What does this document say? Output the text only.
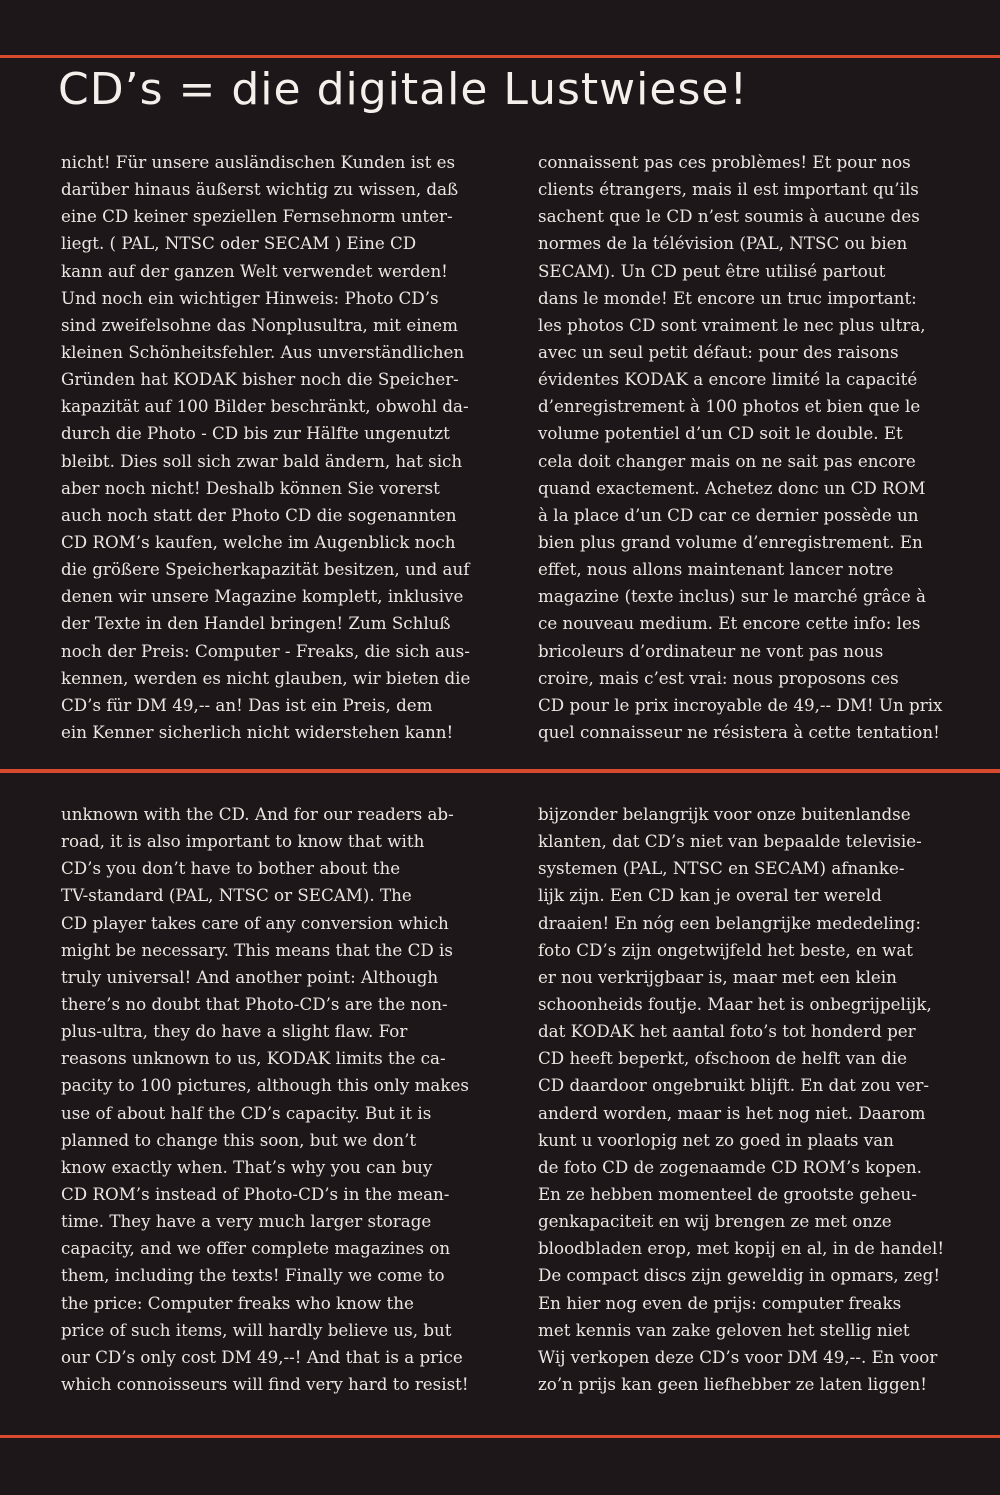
CD’s = die digitale Lustwiese!
nicht! Für unsere ausländischen Kunden ist es
darüber hinaus äußerst wichtig zu wissen, daß
eine CD keiner speziellen Fernsehnorm unter-
liegt. ( PAL, NTSC oder SECAM ) Eine CD
kann auf der ganzen Welt verwendet werden!
Und noch ein wichtiger Hinweis: Photo CD’s
sind zweifelsohne das Nonplusultra, mit einem
kleinen Schönheitsfehler. Aus unverständlichen
Gründen hat KODAK bisher noch die Speicher-
kapazität auf 100 Bilder beschränkt, obwohl da-
durch die Photo - CD bis zur Hälfte ungenutzt
bleibt. Dies soll sich zwar bald ändern, hat sich
aber noch nicht! Deshalb können Sie vorerst
auch noch statt der Photo CD die sogenannten
CD ROM’s kaufen, welche im Augenblick noch
die größere Speicherkapazität besitzen, und auf
denen wir unsere Magazine komplett, inklusive
der Texte in den Handel bringen! Zum Schluß
noch der Preis: Computer - Freaks, die sich aus-
kennen, werden es nicht glauben, wir bieten die
CD’s für DM 49,-- an! Das ist ein Preis, dem
ein Kenner sicherlich nicht widerstehen kann!
connaissent pas ces problèmes! Et pour nos
clients étrangers, mais il est important qu’ils
sachent que le CD n’est soumis à aucune des
normes de la télévision (PAL, NTSC ou bien
SECAM). Un CD peut être utilisé partout
dans le monde! Et encore un truc important:
les photos CD sont vraiment le nec plus ultra,
avec un seul petit défaut: pour des raisons
évidentes KODAK a encore limité la capacité
d’enregistrement à 100 photos et bien que le
volume potentiel d’un CD soit le double. Et
cela doit changer mais on ne sait pas encore
quand exactement. Achetez donc un CD ROM
à la place d’un CD car ce dernier possède un
bien plus grand volume d’enregistrement. En
effet, nous allons maintenant lancer notre
magazine (texte inclus) sur le marché grâce à
ce nouveau medium. Et encore cette info: les
bricoleurs d’ordinateur ne vont pas nous
croire, mais c’est vrai: nous proposons ces
CD pour le prix incroyable de 49,-- DM! Un prix
quel connaisseur ne résistera à cette tentation!
unknown with the CD. And for our readers ab-
road, it is also important to know that with
CD’s you don’t have to bother about the
TV-standard (PAL, NTSC or SECAM). The
CD player takes care of any conversion which
might be necessary. This means that the CD is
truly universal! And another point: Although
there’s no doubt that Photo-CD’s are the non-
plus-ultra, they do have a slight flaw. For
reasons unknown to us, KODAK limits the ca-
pacity to 100 pictures, although this only makes
use of about half the CD’s capacity. But it is
planned to change this soon, but we don’t
know exactly when. That’s why you can buy
CD ROM’s instead of Photo-CD’s in the mean-
time. They have a very much larger storage
capacity, and we offer complete magazines on
them, including the texts! Finally we come to
the price: Computer freaks who know the
price of such items, will hardly believe us, but
our CD’s only cost DM 49,--! And that is a price
which connoisseurs will find very hard to resist!
bijzonder belangrijk voor onze buitenlandse
klanten, dat CD’s niet van bepaalde televisie-
systemen (PAL, NTSC en SECAM) afnanke-
lijk zijn. Een CD kan je overal ter wereld
draaien! En nóg een belangrijke mededeling:
foto CD’s zijn ongetwijfeld het beste, en wat
er nou verkrijgbaar is, maar met een klein
schoonheids foutje. Maar het is onbegrijpelijk,
dat KODAK het aantal foto’s tot honderd per
CD heeft beperkt, ofschoon de helft van die
CD daardoor ongebruikt blijft. En dat zou ver-
anderd worden, maar is het nog niet. Daarom
kunt u voorlopig net zo goed in plaats van
de foto CD de zogenaamde CD ROM’s kopen.
En ze hebben momenteel de grootste geheu-
genkapaciteit en wij brengen ze met onze
bloodbladen erop, met kopij en al, in de handel!
De compact discs zijn geweldig in opmars, zeg!
En hier nog even de prijs: computer freaks
met kennis van zake geloven het stellig niet
Wij verkopen deze CD’s voor DM 49,--. En voor
zo’n prijs kan geen liefhebber ze laten liggen!
